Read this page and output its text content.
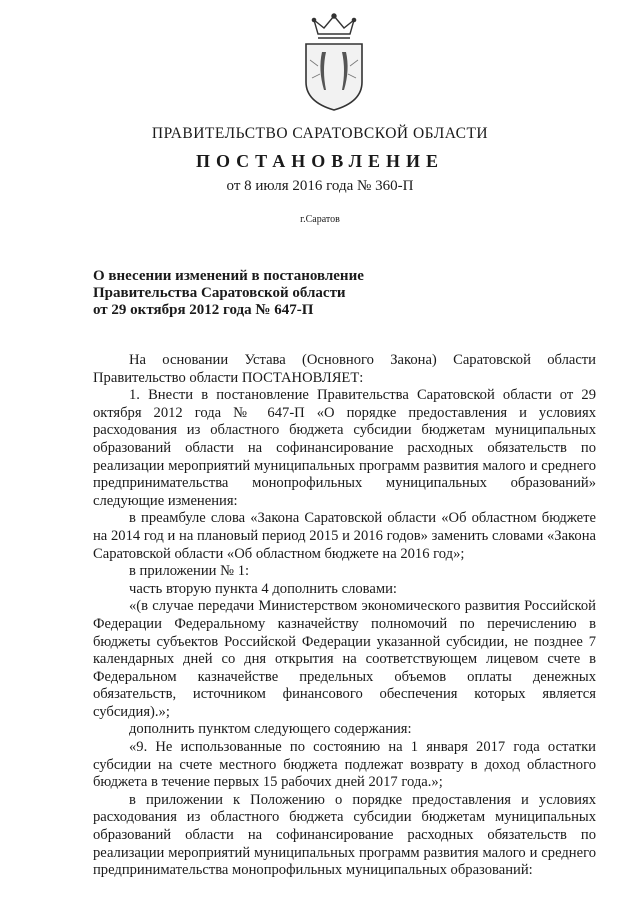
ПРАВИТЕЛЬСТВО САРАТОВСКОЙ ОБЛАСТИ
ПОСТАНОВЛЕНИЕ
от 8 июля 2016 года № 360-П
г.Саратов
О внесении изменений в постановление
Правительства Саратовской области
от 29 октября 2012 года № 647-П

На основании Устава (Основного Закона) Саратовской области Правительство области ПОСТАНОВЛЯЕТ:

1. Внести в постановление Правительства Саратовской области от 29 октября 2012 года № 647-П «О порядке предоставления и условиях расходования из областного бюджета субсидии бюджетам муниципальных образований области на софинансирование расходных обязательств по реализации мероприятий муниципальных программ развития малого и среднего предпринимательства монопрофильных муниципальных образований» следующие изменения:

в преамбуле слова «Закона Саратовской области «Об областном бюджете на 2014 год и на плановый период 2015 и 2016 годов» заменить словами «Закона Саратовской области «Об областном бюджете на 2016 год»;

в приложении № 1:

часть вторую пункта 4 дополнить словами:

«(в случае передачи Министерством экономического развития Российской Федерации Федеральному казначейству полномочий по перечислению в бюджеты субъектов Российской Федерации указанной субсидии, не позднее 7 календарных дней со дня открытия на соответствующем лицевом счете в Федеральном казначействе предельных объемов оплаты денежных обязательств, источником финансового обеспечения которых является субсидия).»;

дополнить пунктом следующего содержания:

«9. Не использованные по состоянию на 1 января 2017 года остатки субсидии на счете местного бюджета подлежат возврату в доход областного бюджета в течение первых 15 рабочих дней 2017 года.»;

в приложении к Положению о порядке предоставления и условиях расходования из областного бюджета субсидии бюджетам муниципальных образований области на софинансирование расходных обязательств по реализации мероприятий муниципальных программ развития малого и среднего предпринимательства монопрофильных муниципальных образований:
